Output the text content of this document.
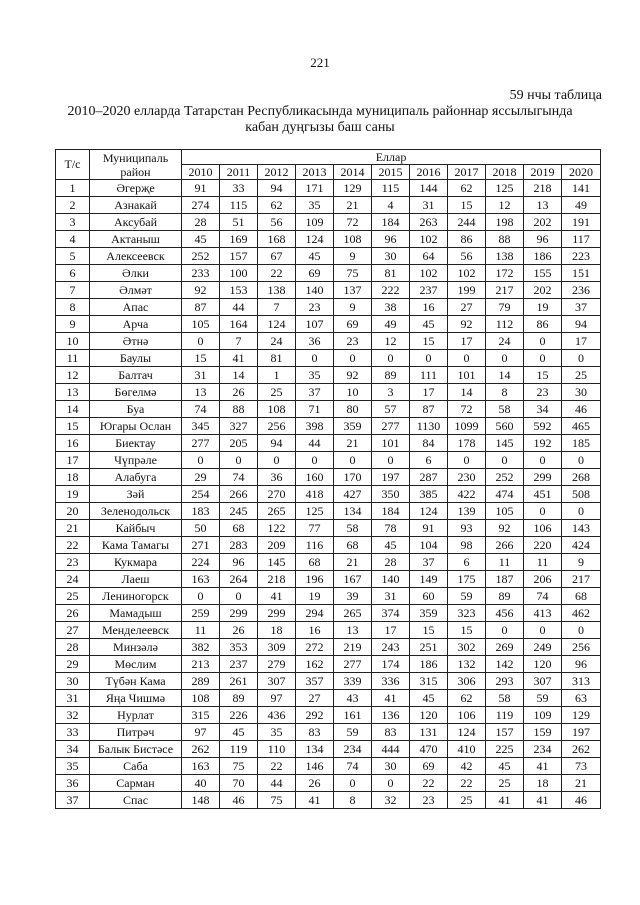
221
59 нчы таблица
2010–2020 елларда Татарстан Республикасында муниципаль районнар яссылыгында
кабан дуңгызы баш саны
Т/с	Муниципаль район	Еллар										
		2010	2011	2012	2013	2014	2015	2016	2017	2018	2019	2020
1	Әгерҗе	91	33	94	171	129	115	144	62	125	218	141
2	Азнакай	274	115	62	35	21	4	31	15	12	13	49
3	Аксубай	28	51	56	109	72	184	263	244	198	202	191
4	Актаныш	45	169	168	124	108	96	102	86	88	96	117
5	Алексеевск	252	157	67	45	9	30	64	56	138	186	223
6	Әлки	233	100	22	69	75	81	102	102	172	155	151
7	Әлмәт	92	153	138	140	137	222	237	199	217	202	236
8	Апас	87	44	7	23	9	38	16	27	79	19	37
9	Арча	105	164	124	107	69	49	45	92	112	86	94
10	Әтнә	0	7	24	36	23	12	15	17	24	0	17
11	Баулы	15	41	81	0	0	0	0	0	0	0	0
12	Балтач	31	14	1	35	92	89	111	101	14	15	25
13	Бөгелмә	13	26	25	37	10	3	17	14	8	23	30
14	Буа	74	88	108	71	80	57	87	72	58	34	46
15	Югары Ослан	345	327	256	398	359	277	1130	1099	560	592	465
16	Биектау	277	205	94	44	21	101	84	178	145	192	185
17	Чүпрәле	0	0	0	0	0	0	6	0	0	0	0
18	Алабуга	29	74	36	160	170	197	287	230	252	299	268
19	Зәй	254	266	270	418	427	350	385	422	474	451	508
20	Зеленодольск	183	245	265	125	134	184	124	139	105	0	0
21	Кайбыч	50	68	122	77	58	78	91	93	92	106	143
22	Кама Тамагы	271	283	209	116	68	45	104	98	266	220	424
23	Кукмара	224	96	145	68	21	28	37	6	11	11	9
24	Лаеш	163	264	218	196	167	140	149	175	187	206	217
25	Лениногорск	0	0	41	19	39	31	60	59	89	74	68
26	Мамадыш	259	299	299	294	265	374	359	323	456	413	462
27	Менделеевск	11	26	18	16	13	17	15	15	0	0	0
28	Минзәлә	382	353	309	272	219	243	251	302	269	249	256
29	Мөслим	213	237	279	162	277	174	186	132	142	120	96
30	Түбән Кама	289	261	307	357	339	336	315	306	293	307	313
31	Яңа Чишмә	108	89	97	27	43	41	45	62	58	59	63
32	Нурлат	315	226	436	292	161	136	120	106	119	109	129
33	Питрәч	97	45	35	83	59	83	131	124	157	159	197
34	Балык Бистәсе	262	119	110	134	234	444	470	410	225	234	262
35	Саба	163	75	22	146	74	30	69	42	45	41	73
36	Сарман	40	70	44	26	0	0	22	22	25	18	21
37	Спас	148	46	75	41	8	32	23	25	41	41	46
